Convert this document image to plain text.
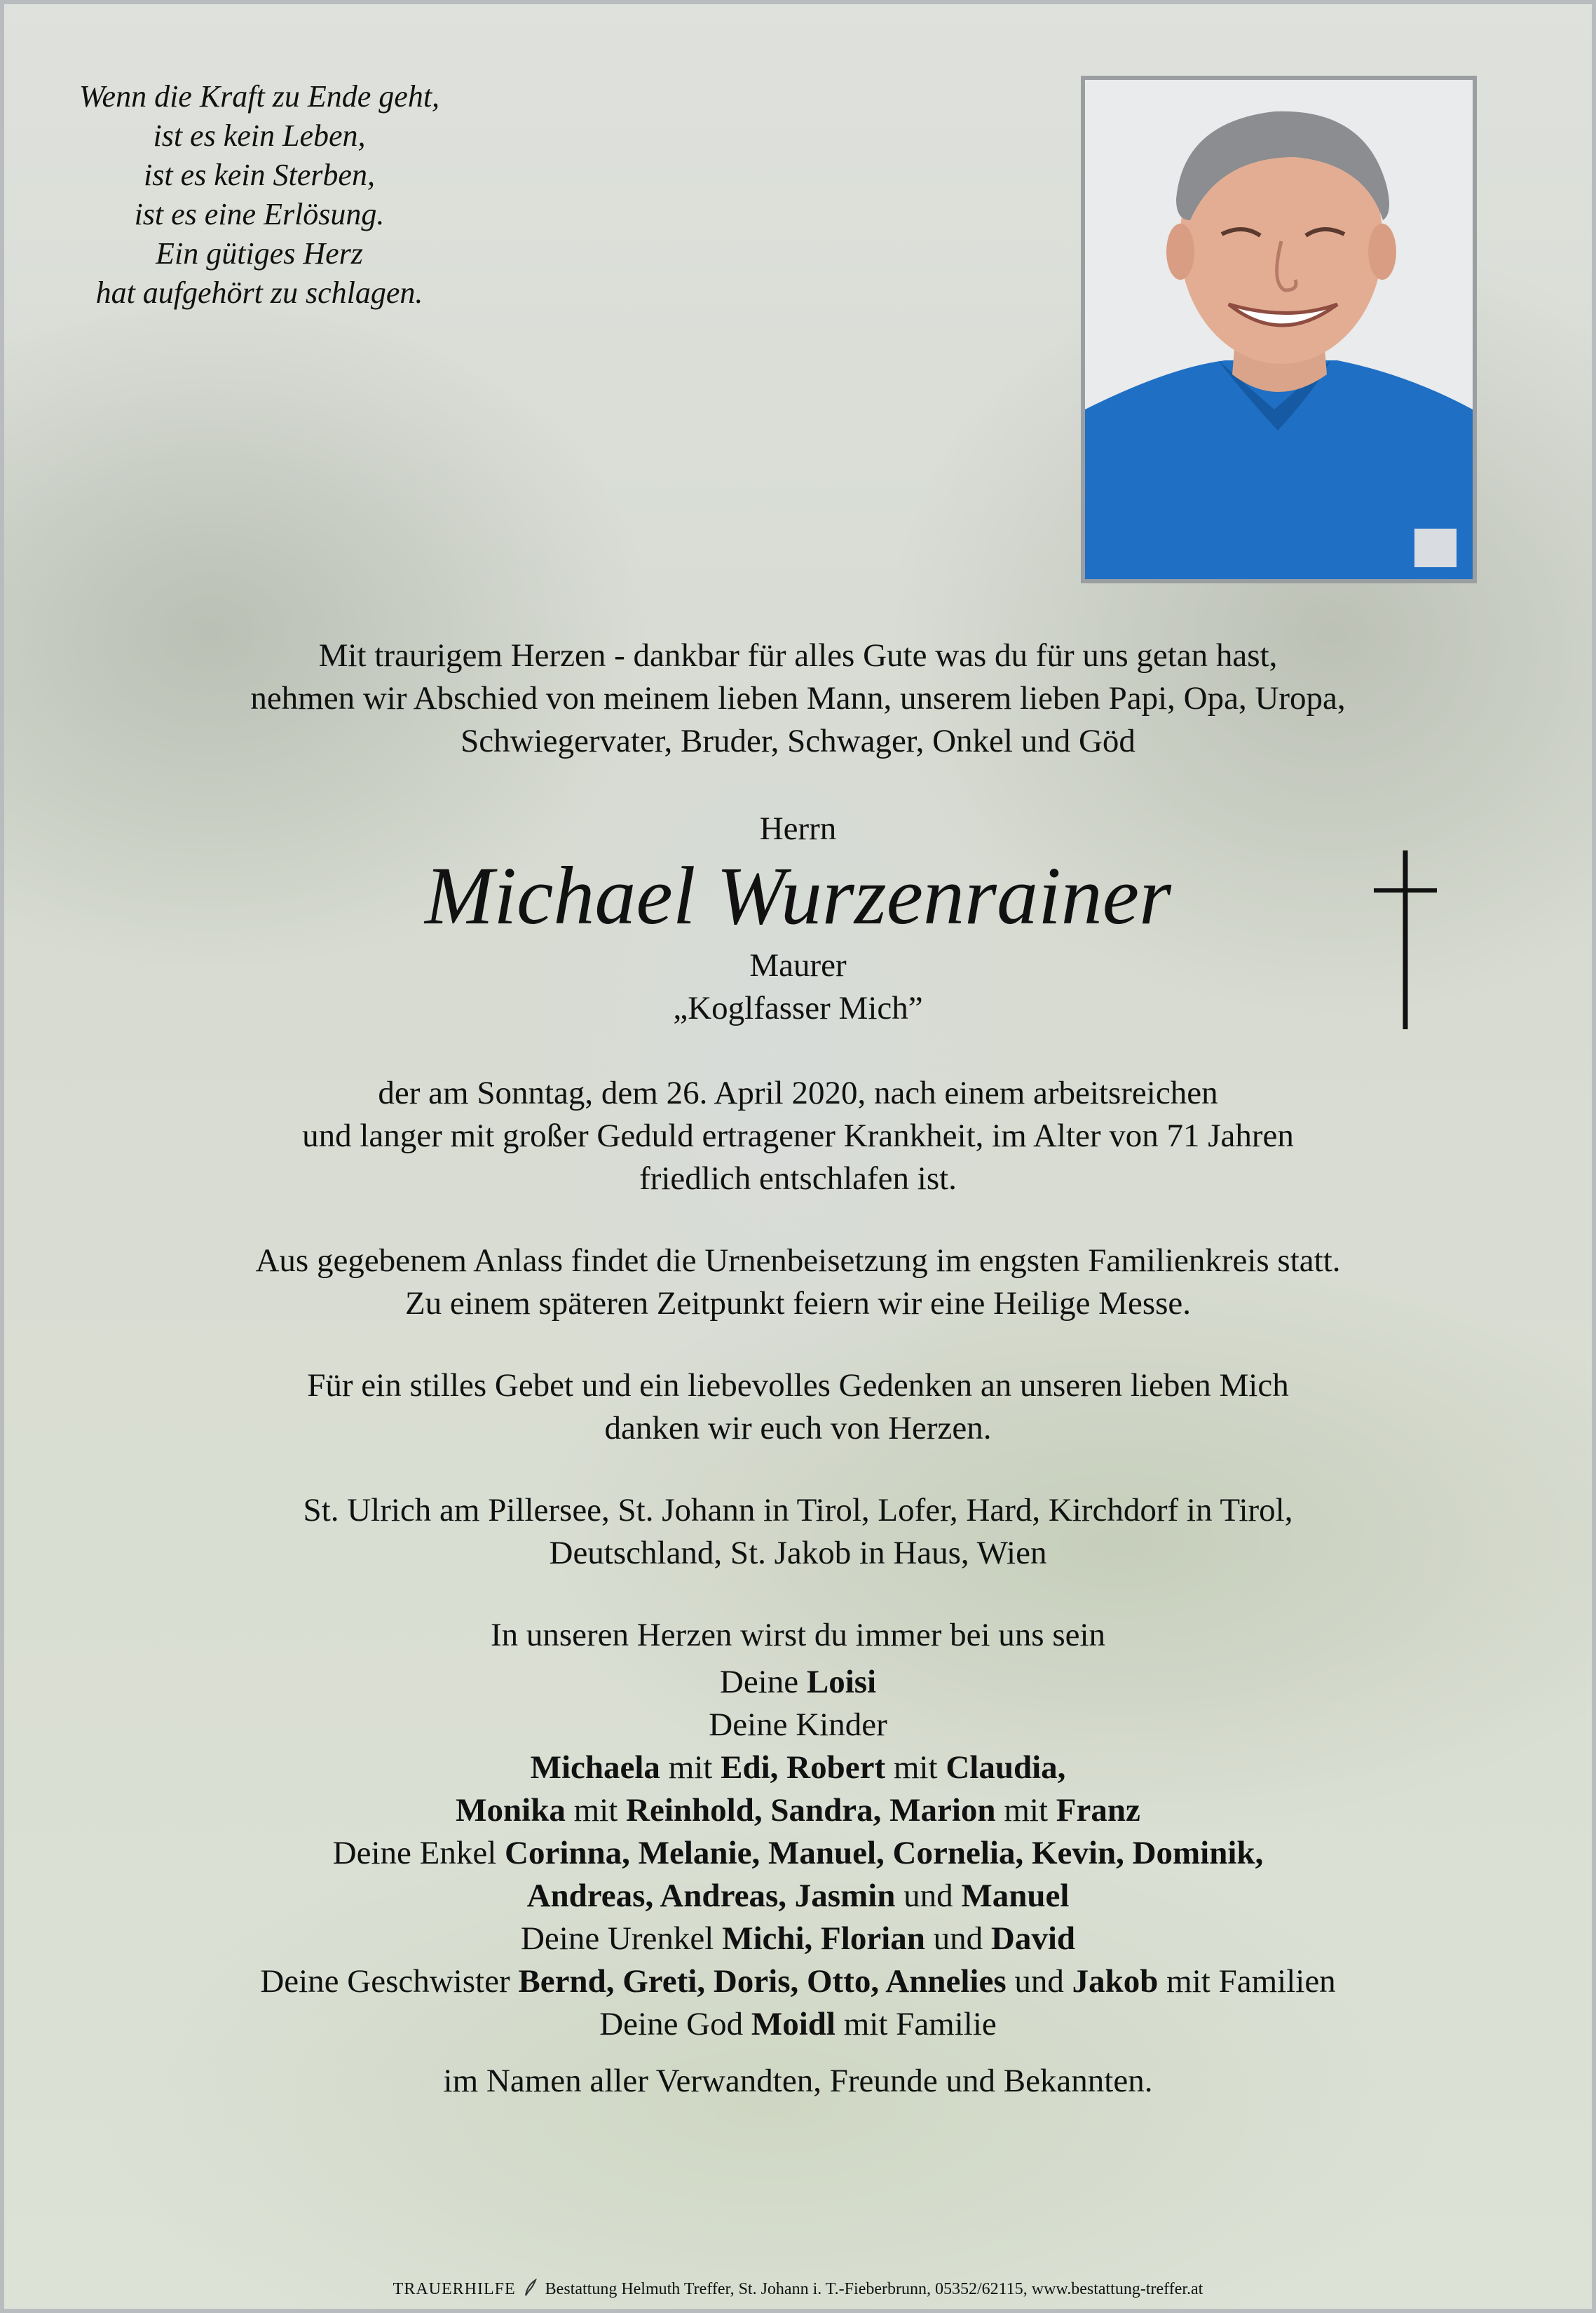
Wenn die Kraft zu Ende geht,
ist es kein Leben,
ist es kein Sterben,
ist es eine Erlösung.
Ein gütiges Herz
hat aufgehört zu schlagen.

Mit traurigem Herzen - dankbar für alles Gute was du für uns getan hast,

nehmen wir Abschied von meinem lieben Mann, unserem lieben Papi, Opa, Uropa,

Schwiegervater, Bruder, Schwager, Onkel und Göd

Herrn

Michael Wurzenrainer

Maurer

„Koglfasser Mich”

der am Sonntag, dem 26. April 2020, nach einem arbeitsreichen

und langer mit großer Geduld ertragener Krankheit, im Alter von 71 Jahren

friedlich entschlafen ist.

Aus gegebenem Anlass findet die Urnenbeisetzung im engsten Familienkreis statt.

Zu einem späteren Zeitpunkt feiern wir eine Heilige Messe.

Für ein stilles Gebet und ein liebevolles Gedenken an unseren lieben Mich

danken wir euch von Herzen.

St. Ulrich am Pillersee, St. Johann in Tirol, Lofer, Hard, Kirchdorf in Tirol,

Deutschland, St. Jakob in Haus, Wien

In unseren Herzen wirst du immer bei uns sein

Deine Loisi

Deine Kinder

Michaela mit Edi, Robert mit Claudia,

Monika mit Reinhold, Sandra, Marion mit Franz

Deine Enkel Corinna, Melanie, Manuel, Cornelia, Kevin, Dominik,

Andreas, Andreas, Jasmin und Manuel

Deine Urenkel Michi, Florian und David

Deine Geschwister Bernd, Greti, Doris, Otto, Annelies und Jakob mit Familien

Deine God Moidl mit Familie

im Namen aller Verwandten, Freunde und Bekannten.

TRAUERHILFE Bestattung Helmuth Treffer, St. Johann i. T.-Fieberbrunn, 05352/62115, www.bestattung-treffer.at
